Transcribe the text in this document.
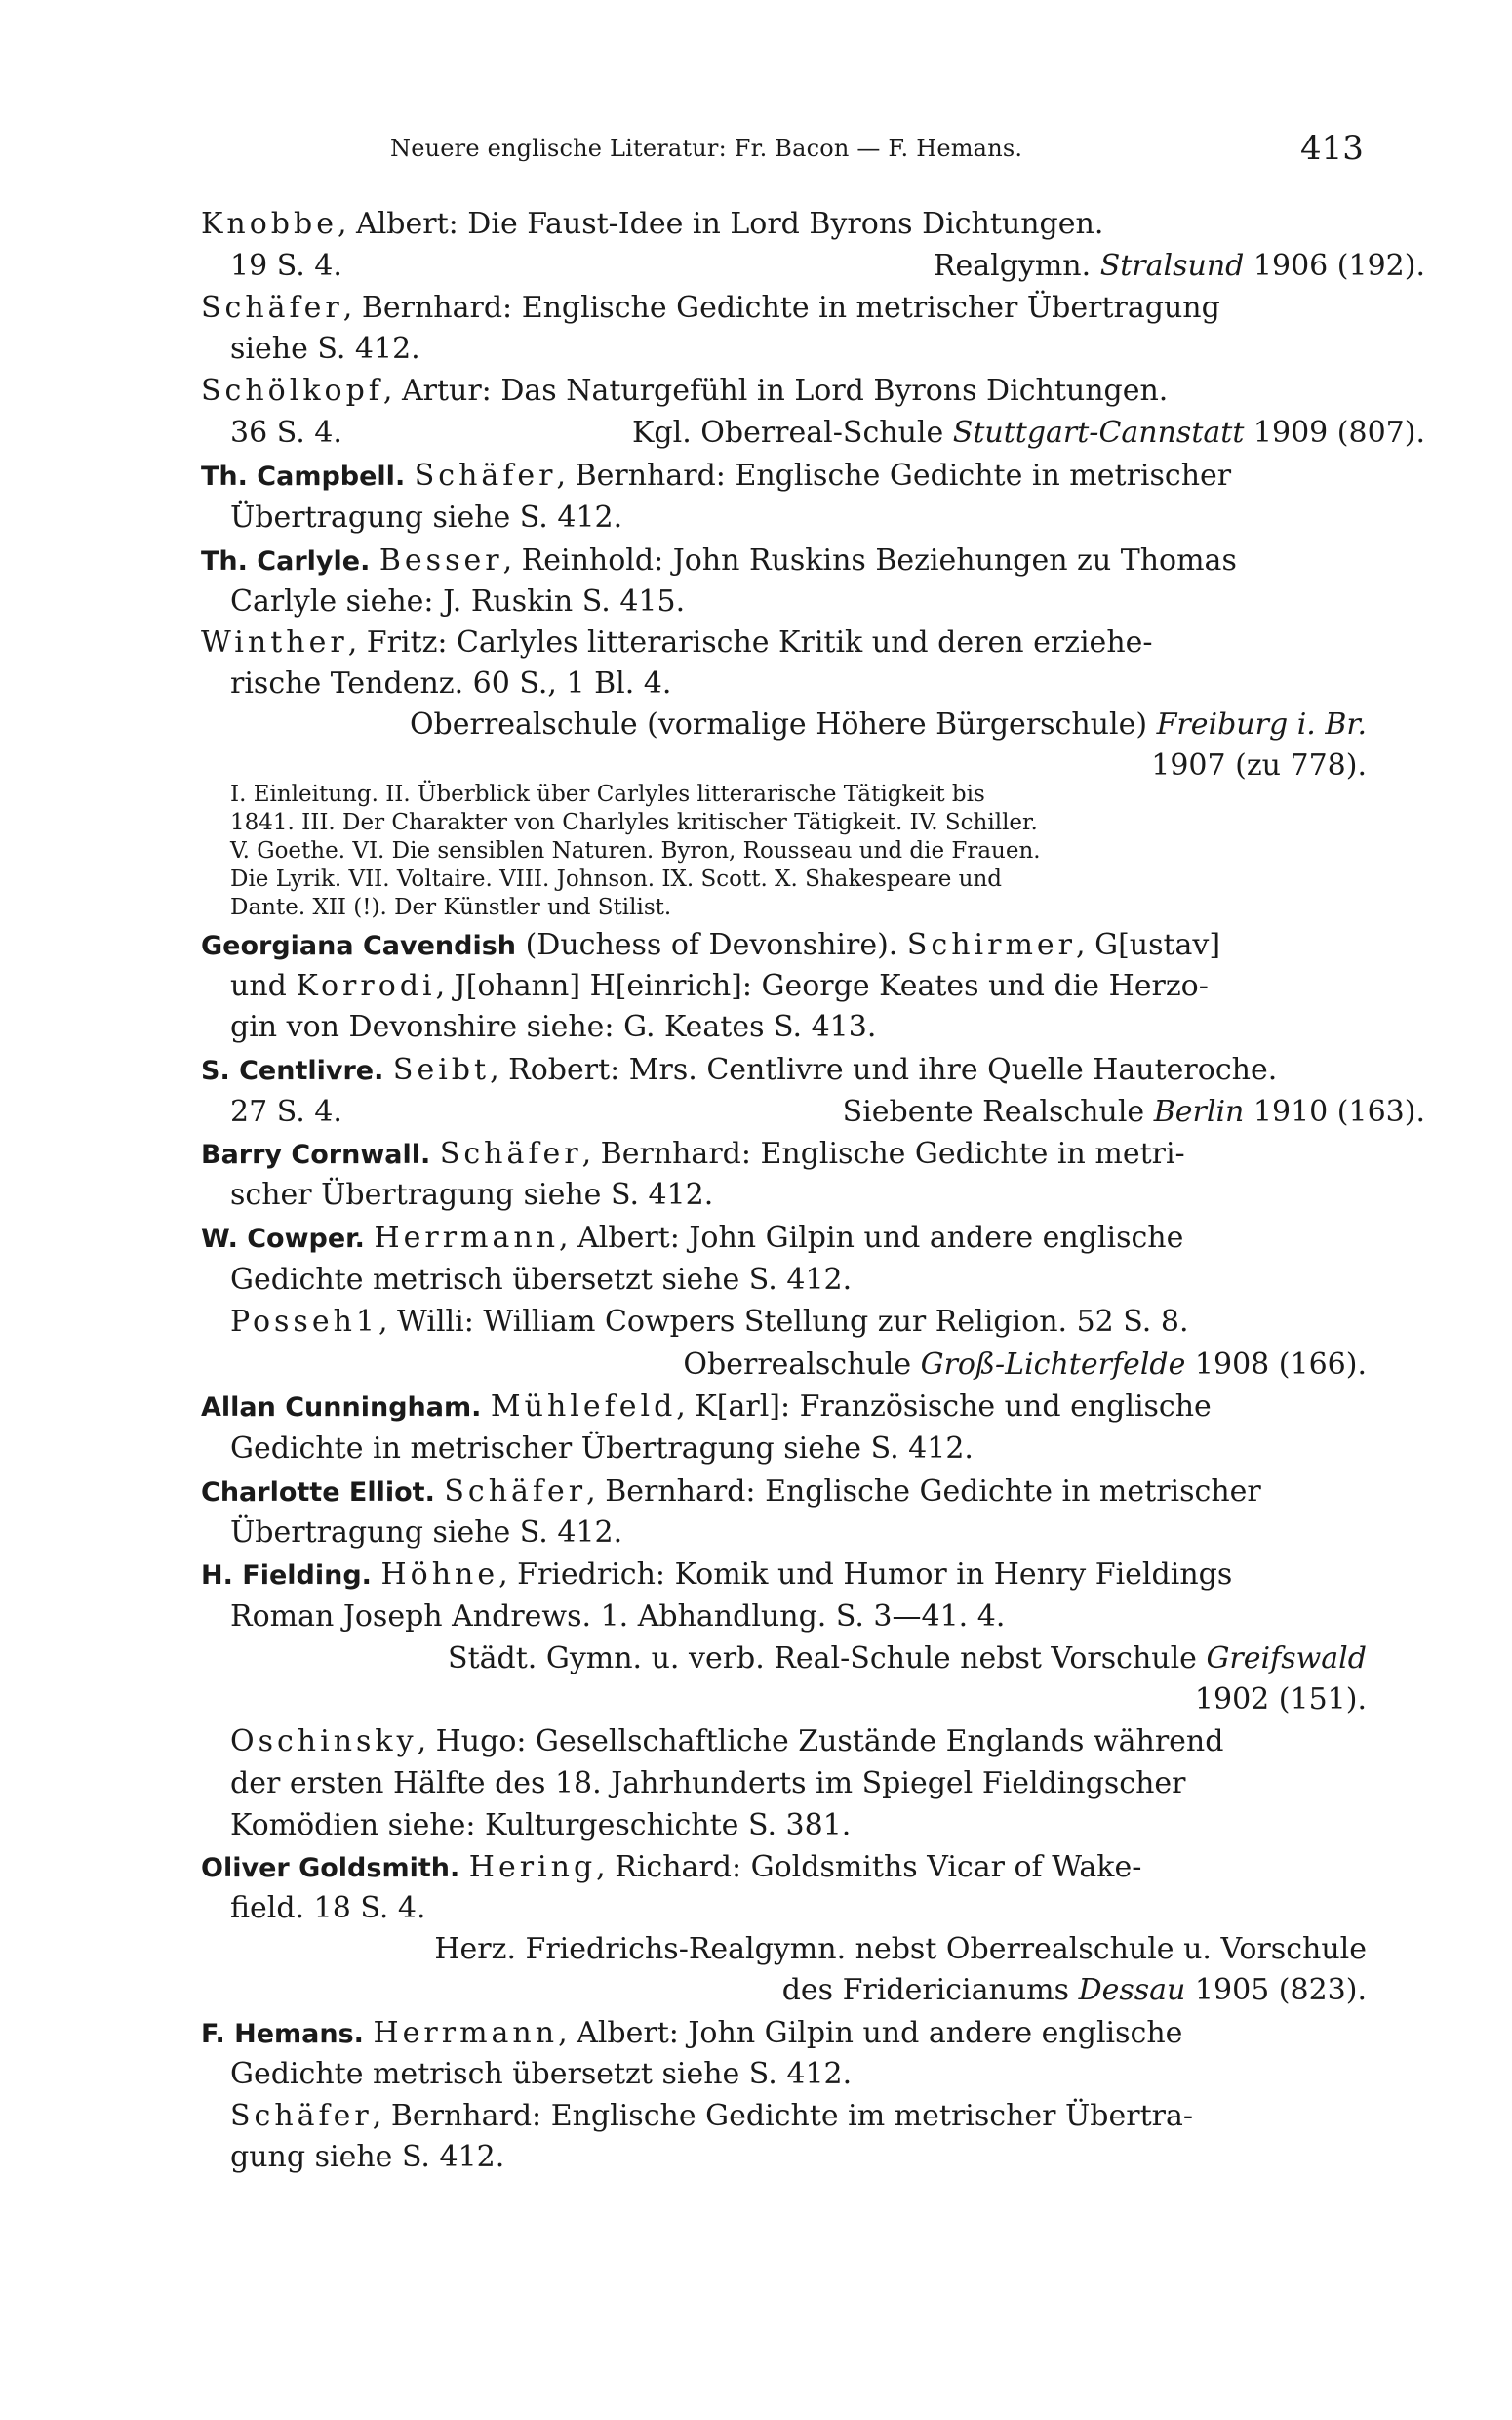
Neuere englische Literatur: Fr. Bacon — F. Hemans.	413
Knobbe, Albert: Die Faust-Idee in Lord Byrons Dichtungen.
19 S. 4.	Realgymn. Stralsund 1906 (192).
Schäfer, Bernhard: Englische Gedichte in metrischer Übertragung
siehe S. 412.
Schölkopf, Artur: Das Naturgefühl in Lord Byrons Dichtungen.
36 S. 4.	Kgl. Oberreal-Schule Stuttgart-Cannstatt 1909 (807).
Th. Campbell. Schäfer, Bernhard: Englische Gedichte in metrischer
Übertragung siehe S. 412.
Th. Carlyle. Besser, Reinhold: John Ruskins Beziehungen zu Thomas
Carlyle siehe: J. Ruskin S. 415.
Winther, Fritz: Carlyles litterarische Kritik und deren erziehe-
rische Tendenz. 60 S., 1 Bl. 4.
Oberrealschule (vormalige Höhere Bürgerschule) Freiburg i. Br.
1907 (zu 778).
I. Einleitung. II. Überblick über Carlyles litterarische Tätigkeit bis
1841. III. Der Charakter von Charlyles kritischer Tätigkeit. IV. Schiller.
V. Goethe. VI. Die sensiblen Naturen. Byron, Rousseau und die Frauen.
Die Lyrik. VII. Voltaire. VIII. Johnson. IX. Scott. X. Shakespeare und
Dante. XII (!). Der Künstler und Stilist.
Georgiana Cavendish (Duchess of Devonshire). Schirmer, G[ustav]
und Korrodi, J[ohann] H[einrich]: George Keates und die Herzo-
gin von Devonshire siehe: G. Keates S. 413.
S. Centlivre. Seibt, Robert: Mrs. Centlivre und ihre Quelle Hauteroche.
27 S. 4.	Siebente Realschule Berlin 1910 (163).
Barry Cornwall. Schäfer, Bernhard: Englische Gedichte in metri-
scher Übertragung siehe S. 412.
W. Cowper. Herrmann, Albert: John Gilpin und andere englische
Gedichte metrisch übersetzt siehe S. 412.
Posseh1, Willi: William Cowpers Stellung zur Religion. 52 S. 8.
Oberrealschule Groß-Lichterfelde 1908 (166).
Allan Cunningham. Mühlefeld, K[arl]: Französische und englische
Gedichte in metrischer Übertragung siehe S. 412.
Charlotte Elliot. Schäfer, Bernhard: Englische Gedichte in metrischer
Übertragung siehe S. 412.
H. Fielding. Höhne, Friedrich: Komik und Humor in Henry Fieldings
Roman Joseph Andrews. 1. Abhandlung. S. 3—41. 4.
Städt. Gymn. u. verb. Real-Schule nebst Vorschule Greifswald
1902 (151).
Oschinsky, Hugo: Gesellschaftliche Zustände Englands während
der ersten Hälfte des 18. Jahrhunderts im Spiegel Fieldingscher
Komödien siehe: Kulturgeschichte S. 381.
Oliver Goldsmith. Hering, Richard: Goldsmiths Vicar of Wake-
field. 18 S. 4.
Herz. Friedrichs-Realgymn. nebst Oberrealschule u. Vorschule
des Fridericianums Dessau 1905 (823).
F. Hemans. Herrmann, Albert: John Gilpin und andere englische
Gedichte metrisch übersetzt siehe S. 412.
Schäfer, Bernhard: Englische Gedichte im metrischer Übertra-
gung siehe S. 412.
